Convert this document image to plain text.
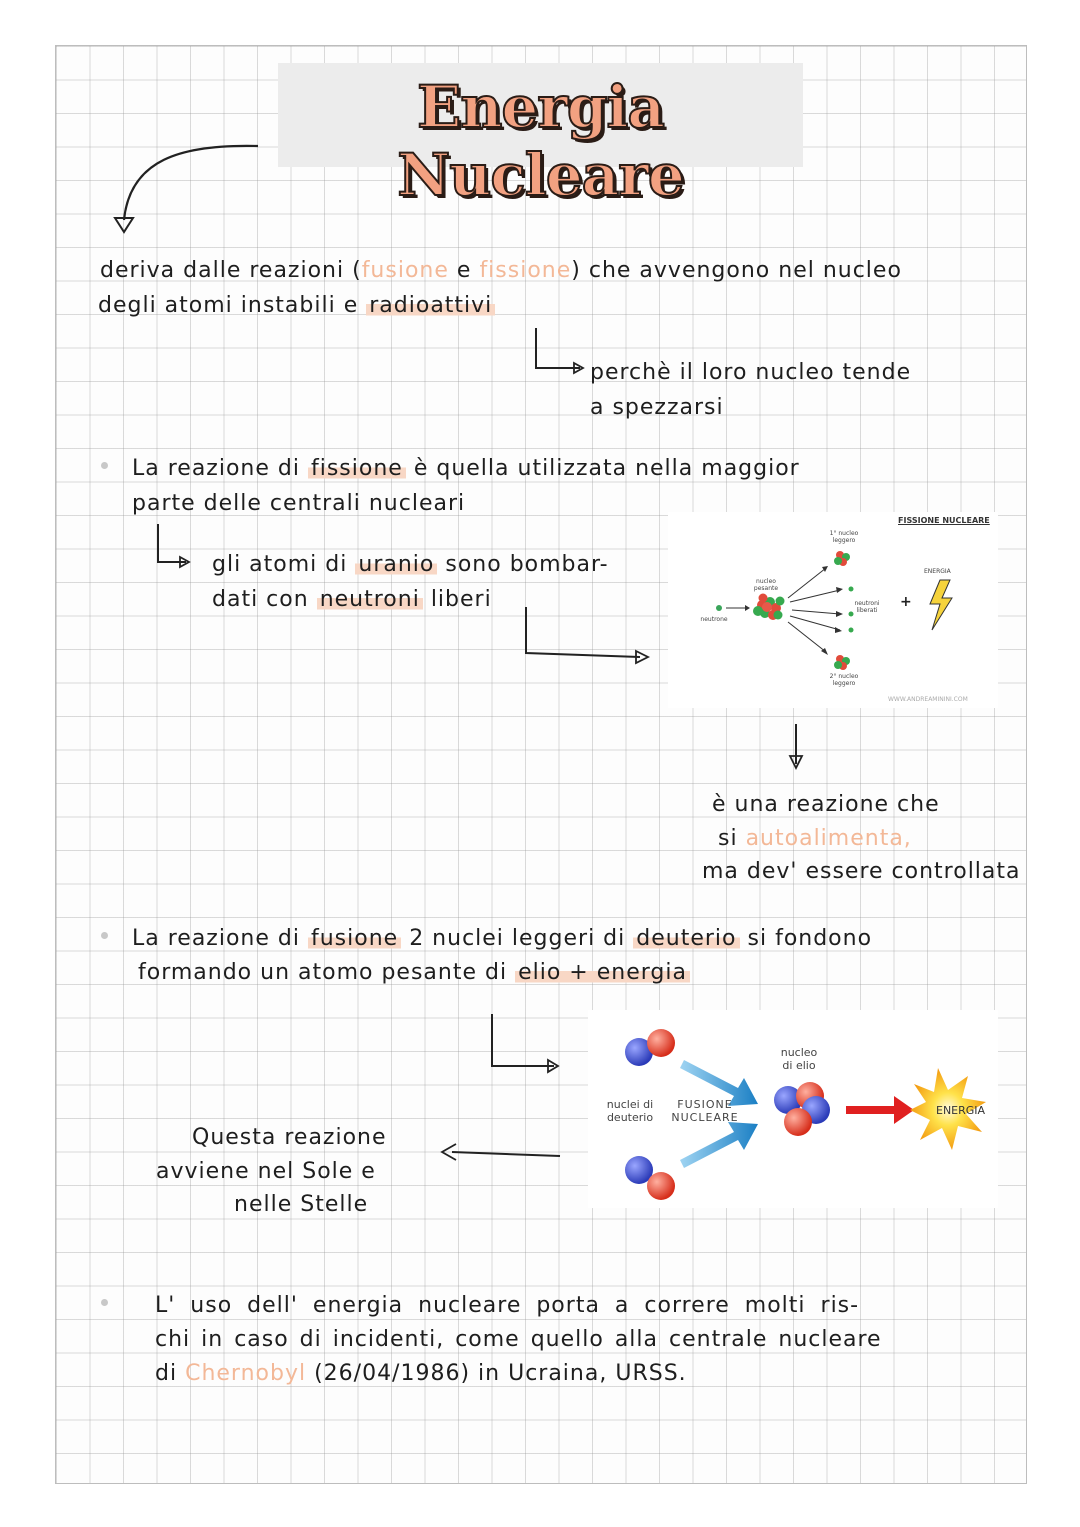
Energia Nucleare
deriva dalle reazioni (fusione e fissione) che avvengono nel nucleo
degli atomi instabili e radioattivi
perchè il loro nucleo tende
a spezzarsi
La reazione di fissione è quella utilizzata nella maggior
parte delle centrali nucleari
gli atomi di uranio sono bombar-
dati con neutroni liberi
FISSIONE NUCLEARE
1° nucleo leggero
nucleo pesante
neutrone
neutroni liberati
+
ENERGIA
2° nucleo leggero
WWW.ANDREAMININI.COM
è una reazione che
si autoalimenta,
ma dev' essere controllata
La reazione di fusione 2 nuclei leggeri di deuterio si fondono
formando un atomo pesante di elio + energia
nuclei di deuterio
FUSIONE NUCLEARE
nucleo di elio
ENERGIA
Questa reazione
avviene nel Sole e
nelle Stelle
L' uso dell' energia nucleare porta a correre molti ris-
chi in caso di incidenti, come quello alla centrale nucleare
di Chernobyl (26/04/1986) in Ucraina, URSS.
